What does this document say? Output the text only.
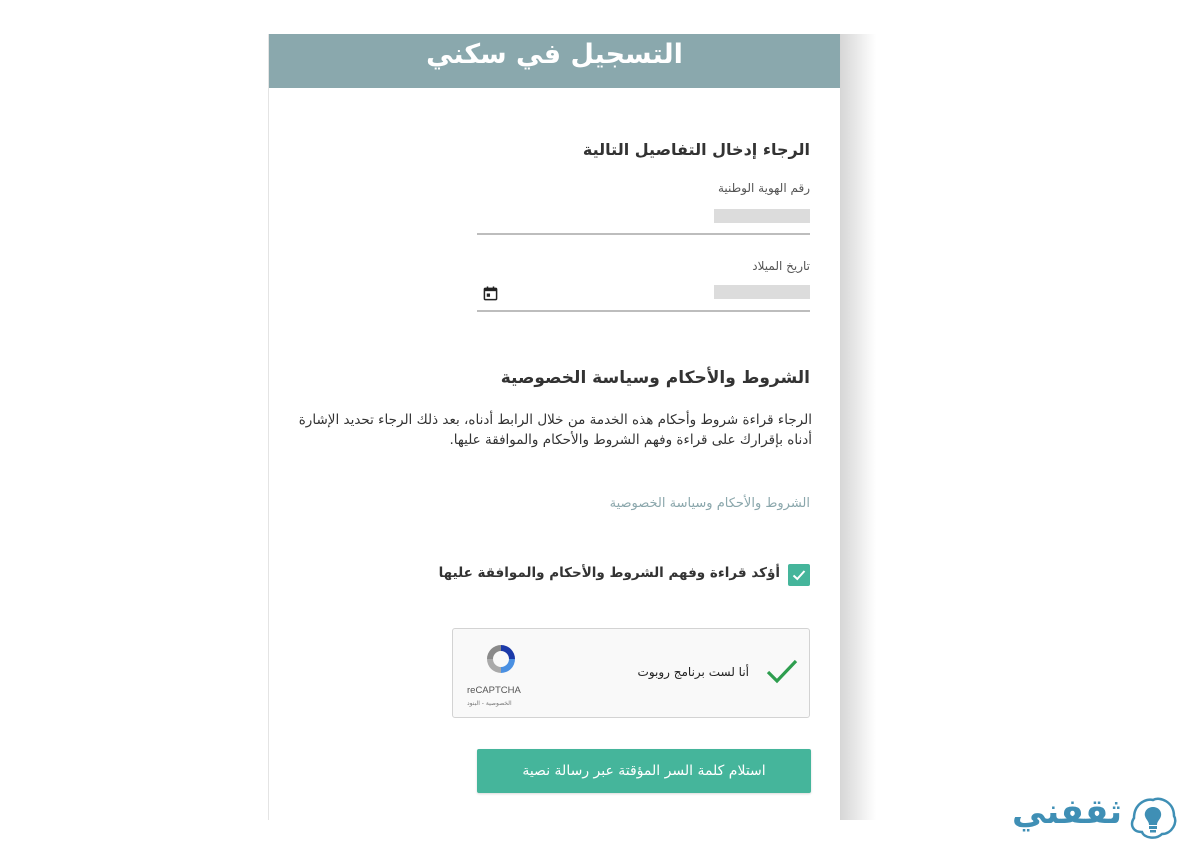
التسجيل في سكني
الرجاء إدخال التفاصيل التالية
رقم الهوية الوطنية
تاريخ الميلاد
الشروط والأحكام وسياسة الخصوصية
الرجاء قراءة شروط وأحكام هذه الخدمة من خلال الرابط أدناه، بعد ذلك الرجاء تحديد الإشارة أدناه بإقرارك على قراءة وفهم الشروط والأحكام والموافقة عليها.
الشروط والأحكام وسياسة الخصوصية
أؤكد قراءة وفهم الشروط والأحكام والموافقة عليها
أنا لست برنامج روبوت
reCAPTCHA
الخصوصية - البنود
استلام كلمة السر المؤقتة عبر رسالة نصية
ثقفني
